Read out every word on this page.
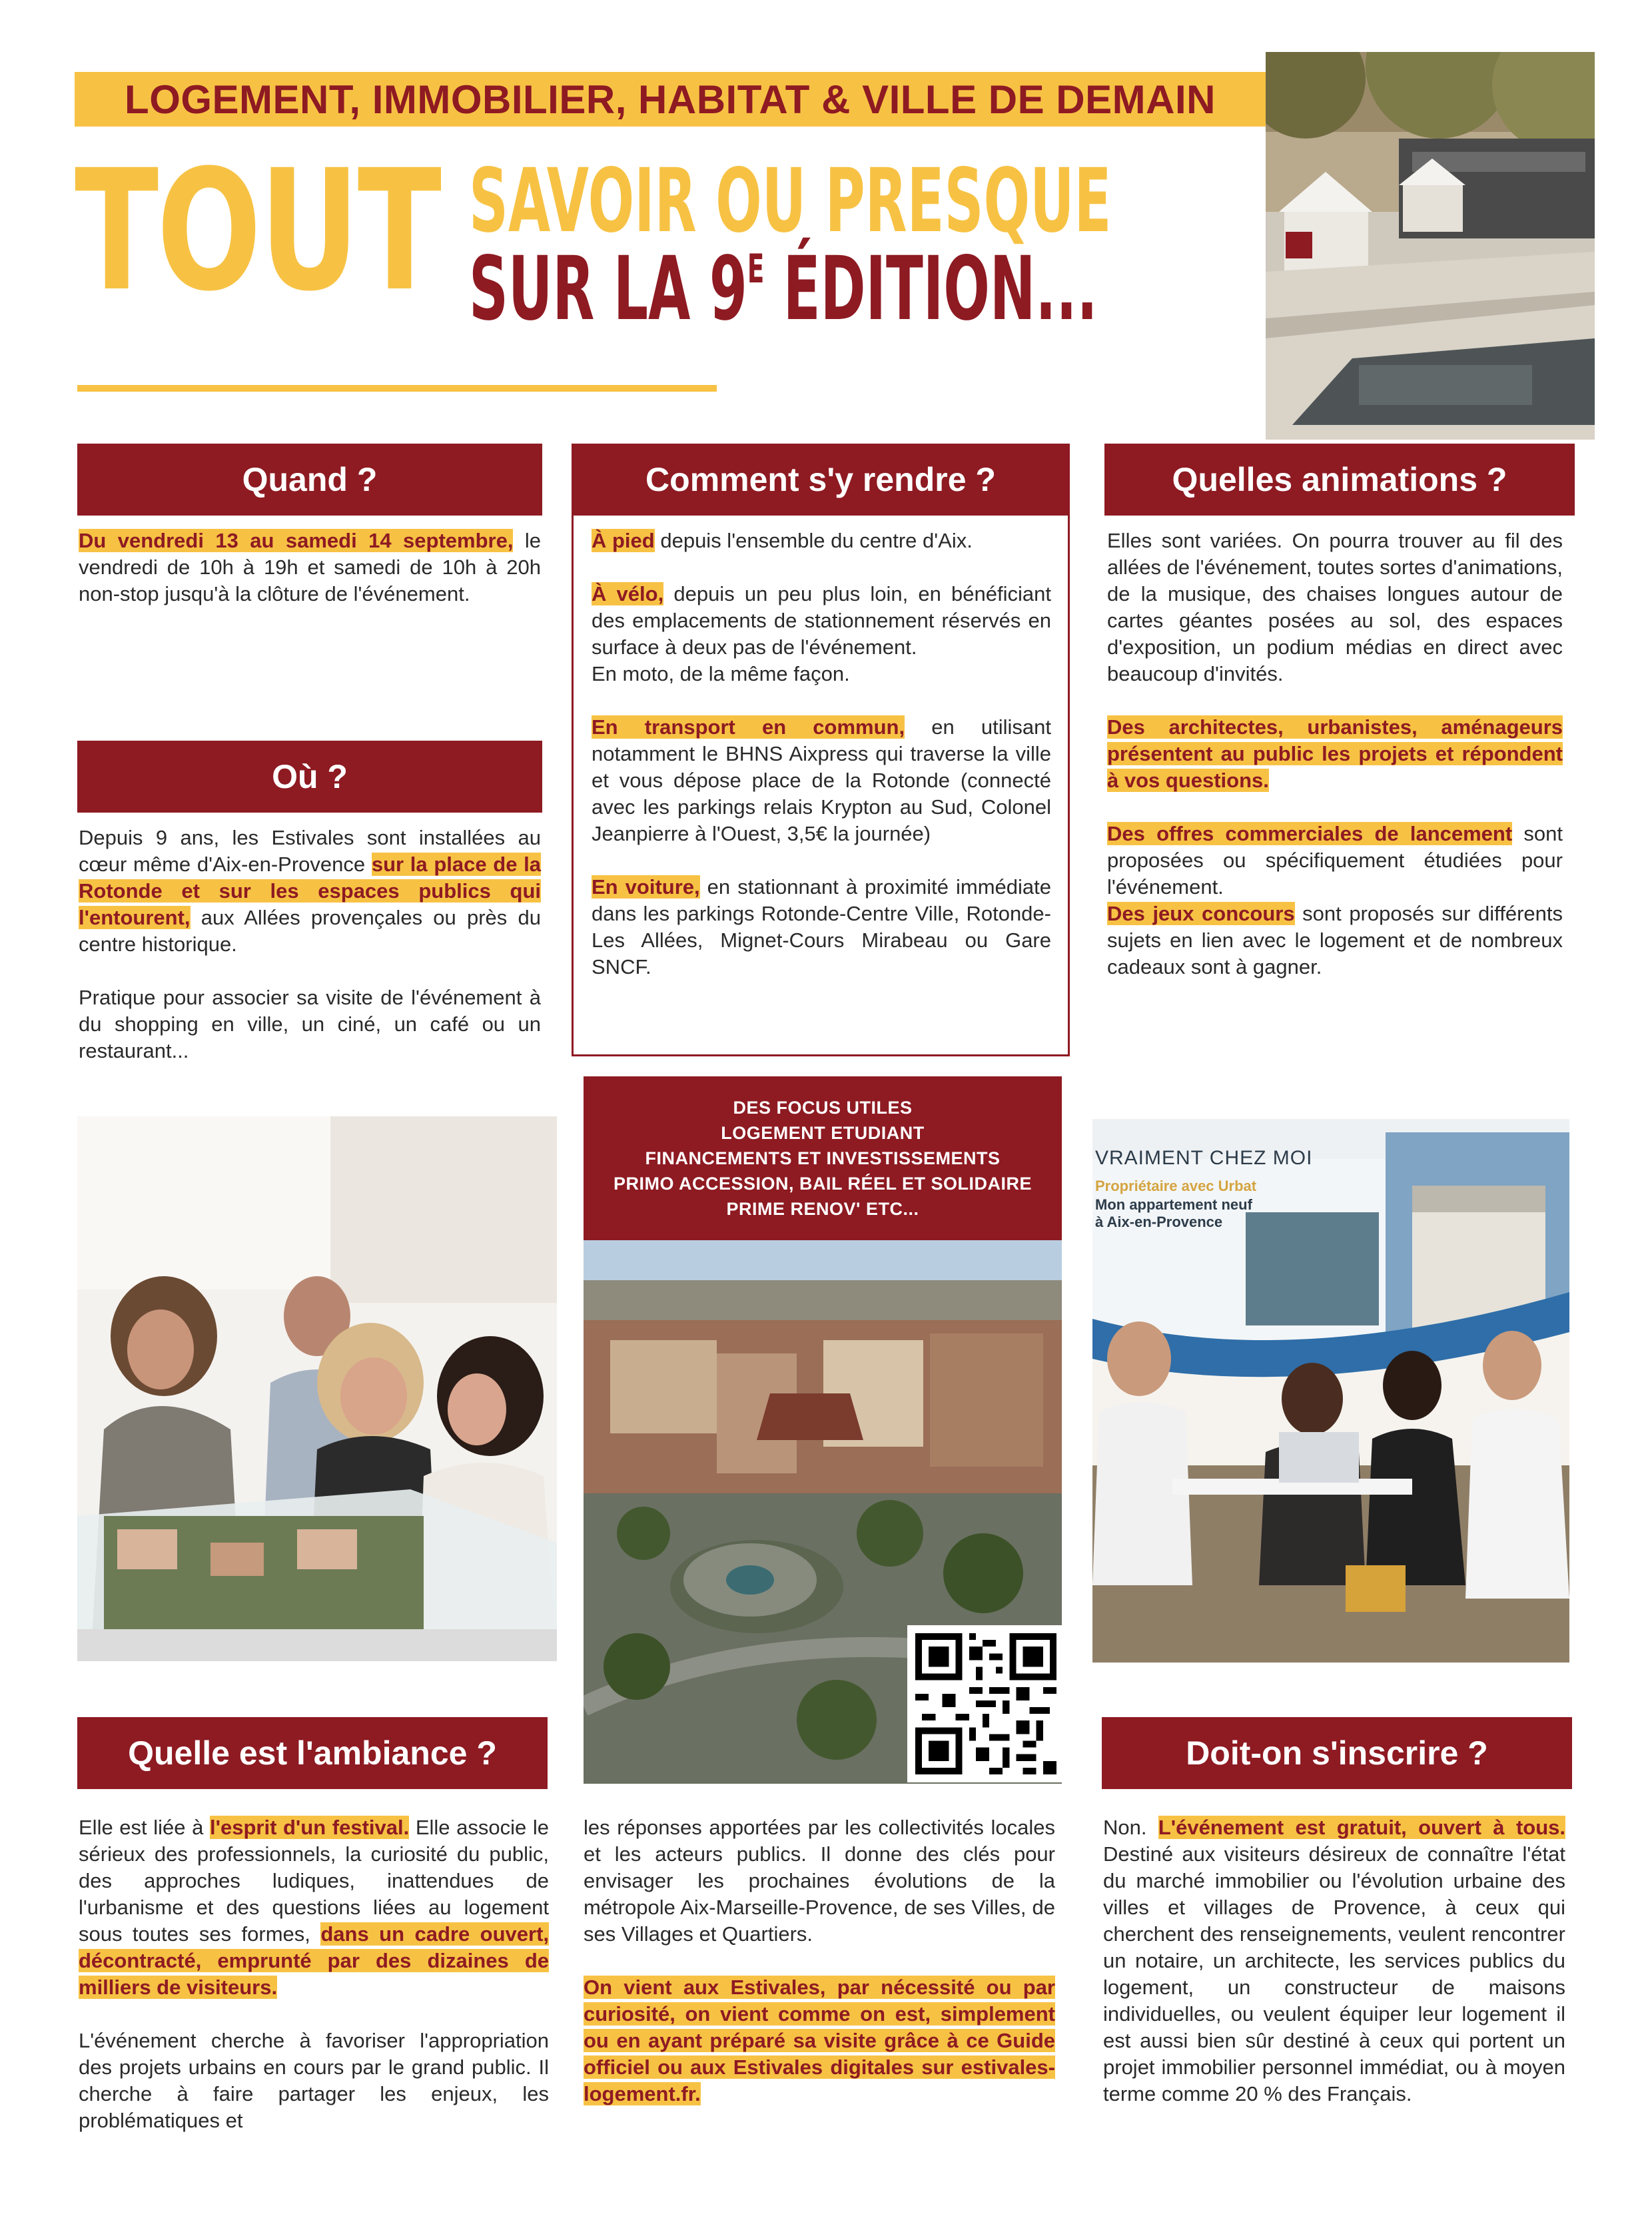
LOGEMENT, IMMOBILIER, HABITAT & VILLE DE DEMAIN
TOUT SAVOIR OU PRESQUE
SUR LA $9^E$ ÉDITION...
Quand ?

Du vendredi 13 au samedi 14 septembre, le vendredi de 10h à 19h et samedi de 10h à 20h non-stop jusqu'à la clôture de l'événement.

Où ?

Depuis 9 ans, les Estivales sont installées au cœur même d'Aix-en-Provence sur la place de la Rotonde et sur les espaces publics qui l'entourent, aux Allées provençales ou près du centre historique.

Pratique pour associer sa visite de l'événement à du shopping en ville, un ciné, un café ou un restaurant...

Comment s'y rendre ?

À pied depuis l'ensemble du centre d'Aix.

À vélo, depuis un peu plus loin, en bénéficiant des emplacements de stationnement réservés en surface à deux pas de l'événement.
En moto, de la même façon.

En transport en commun, en utilisant notamment le BHNS Aixpress qui traverse la ville et vous dépose place de la Rotonde (connecté avec les parkings relais Krypton au Sud, Colonel Jeanpierre à l'Ouest, 3,5€ la journée)

En voiture, en stationnant à proximité immédiate dans les parkings Rotonde-Centre Ville, Rotonde-Les Allées, Mignet-Cours Mirabeau ou Gare SNCF.

Quelles animations ?

Elles sont variées. On pourra trouver au fil des allées de l'événement, toutes sortes d'animations, de la musique, des chaises longues autour de cartes géantes posées au sol, des espaces d'exposition, un podium médias en direct avec beaucoup d'invités.

Des architectes, urbanistes, aménageurs présentent au public les projets et répondent à vos questions.

Des offres commerciales de lancement sont proposées ou spécifiquement étudiées pour l'événement.

Des jeux concours sont proposés sur différents sujets en lien avec le logement et de nombreux cadeaux sont à gagner.

DES FOCUS UTILES
LOGEMENT ETUDIANT
FINANCEMENTS ET INVESTISSEMENTS
PRIMO ACCESSION, BAIL RÉEL ET SOLIDAIRE
PRIME RENOV' ETC...
VRAIMENT CHEZ MOI
Propriétaire avec Urbat
Mon appartement neuf
à Aix-en-Provence
Quelle est l'ambiance ?

Elle est liée à l'esprit d'un festival. Elle associe le sérieux des professionnels, la curiosité du public, des approches ludiques, inattendues de l'urbanisme et des questions liées au logement sous toutes ses formes, dans un cadre ouvert, décontracté, emprunté par des dizaines de milliers de visiteurs.

L'événement cherche à favoriser l'appropriation des projets urbains en cours par le grand public. Il cherche à faire partager les enjeux, les problématiques et

les réponses apportées par les collectivités locales et les acteurs publics. Il donne des clés pour envisager les prochaines évolutions de la métropole Aix-Marseille-Provence, de ses Villes, de ses Villages et Quartiers.

On vient aux Estivales, par nécessité ou par curiosité, on vient comme on est, simplement ou en ayant préparé sa visite grâce à ce Guide officiel ou aux Estivales digitales sur estivales-logement.fr.

Doit-on s'inscrire ?

Non. L'événement est gratuit, ouvert à tous. Destiné aux visiteurs désireux de connaître l'état du marché immobilier ou l'évolution urbaine des villes et villages de Provence, à ceux qui cherchent des renseignements, veulent rencontrer un notaire, un architecte, les services publics du logement, un constructeur de maisons individuelles, ou veulent équiper leur logement il est aussi bien sûr destiné à ceux qui portent un projet immobilier personnel immédiat, ou à moyen terme comme 20 % des Français.
